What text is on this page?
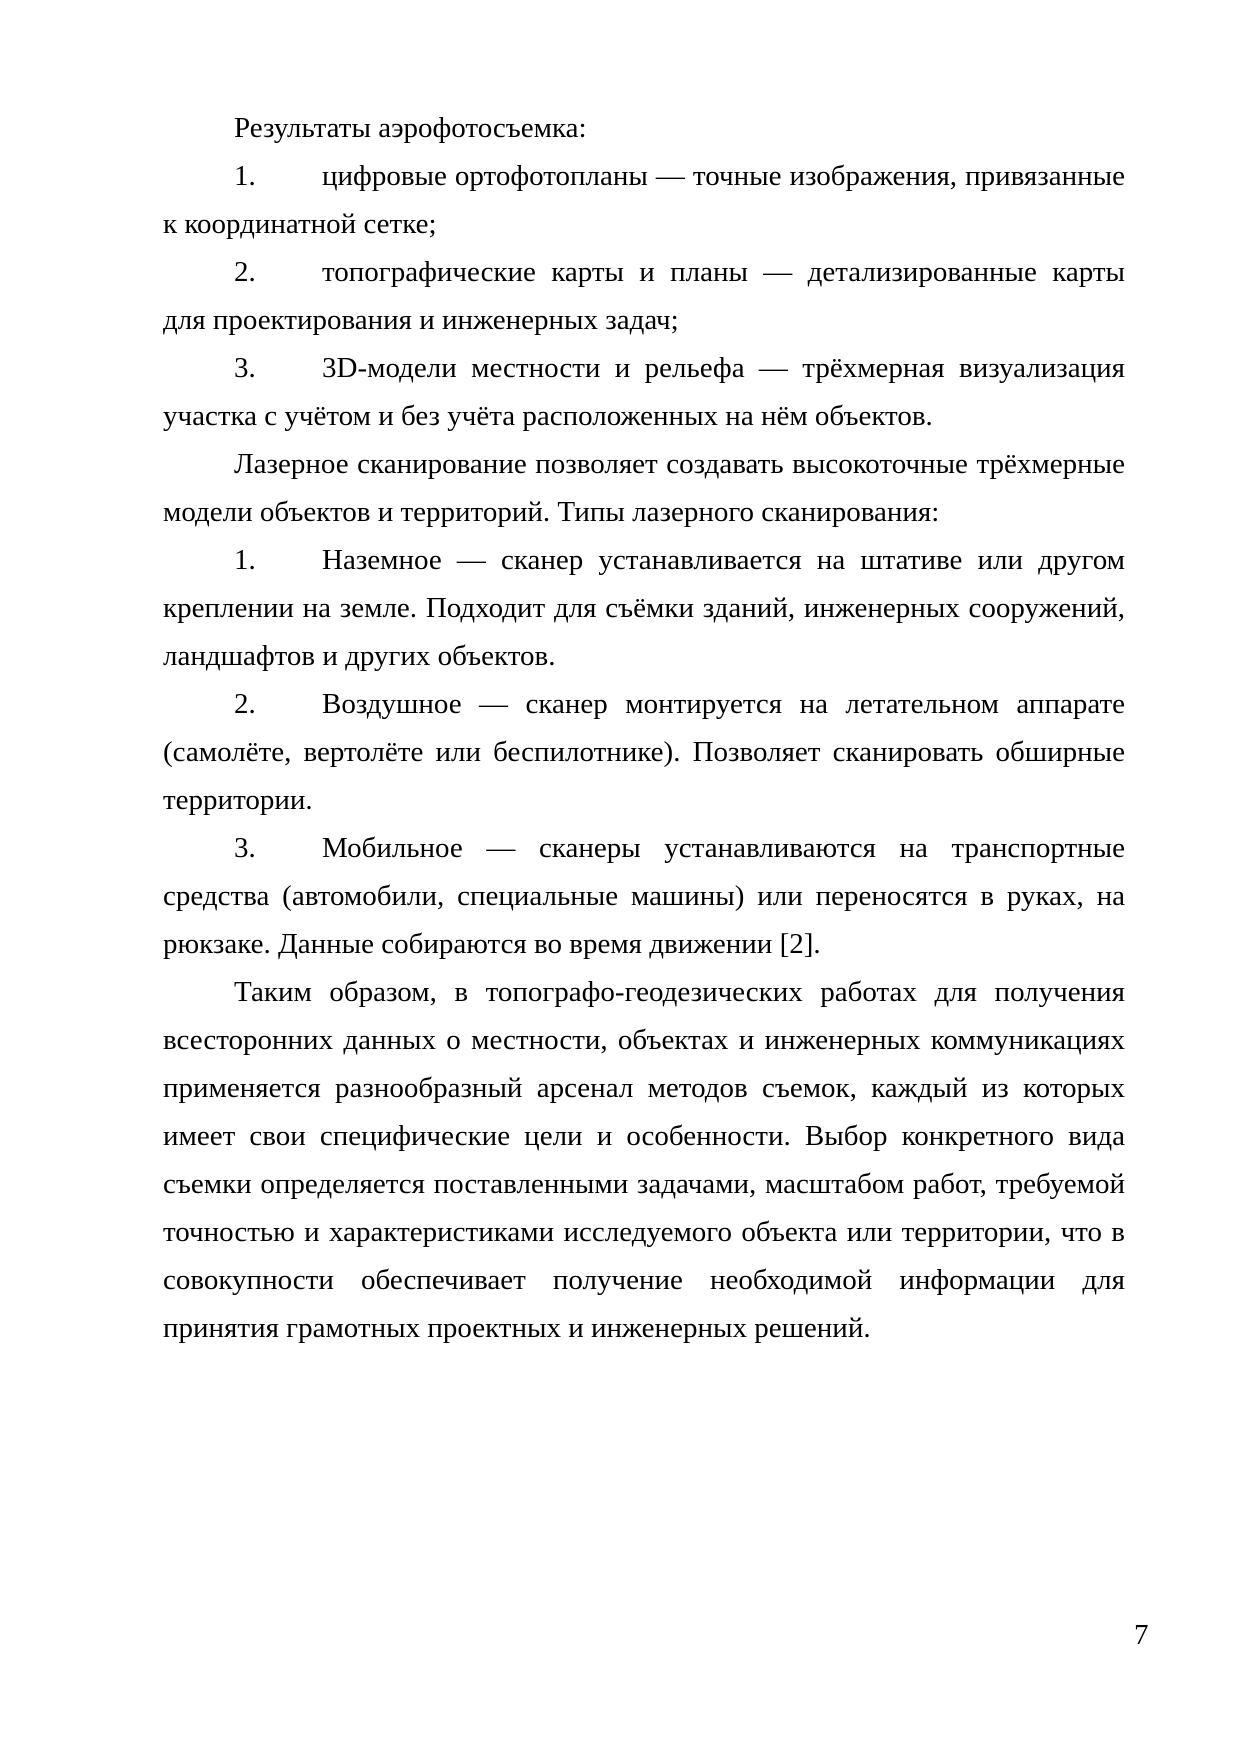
Результаты аэрофотосъемка:

1. цифровые ортофотопланы — точные изображения, привязанные к координатной сетке;

2. топографические карты и планы — детализированные карты для проектирования и инженерных задач;

3. 3D-модели местности и рельефа — трёхмерная визуализация участка с учётом и без учёта расположенных на нём объектов.

Лазерное сканирование позволяет создавать высокоточные трёхмерные модели объектов и территорий. Типы лазерного сканирования:

1. Наземное — сканер устанавливается на штативе или другом креплении на земле. Подходит для съёмки зданий, инженерных сооружений, ландшафтов и других объектов.

2. Воздушное — сканер монтируется на летательном аппарате (самолёте, вертолёте или беспилотнике). Позволяет сканировать обширные территории.

3. Мобильное — сканеры устанавливаются на транспортные средства (автомобили, специальные машины) или переносятся в руках, на рюкзаке. Данные собираются во время движении [2].

Таким образом, в топографо-геодезических работах для получения всесторонних данных о местности, объектах и инженерных коммуникациях применяется разнообразный арсенал методов съемок, каждый из которых имеет свои специфические цели и особенности. Выбор конкретного вида съемки определяется поставленными задачами, масштабом работ, требуемой точностью и характеристиками исследуемого объекта или территории, что в совокупности обеспечивает получение необходимой информации для принятия грамотных проектных и инженерных решений.

7
